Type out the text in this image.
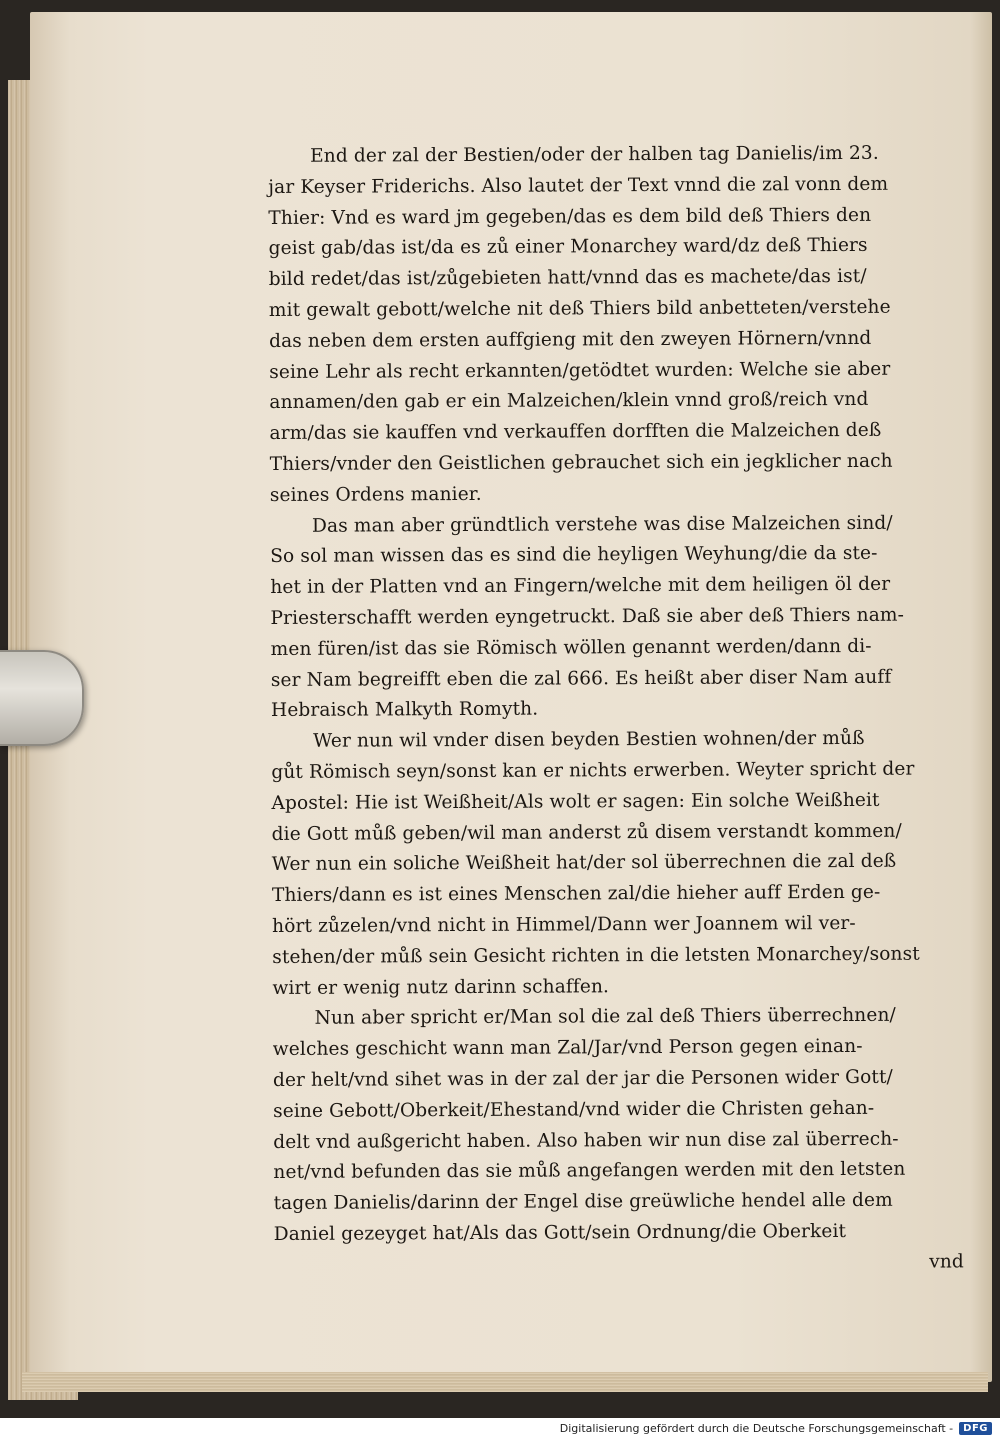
End der zal der Bestien/oder der halben tag Danielis/im 23.
jar Keyser Friderichs. Also lautet der Text vnnd die zal vonn dem
Thier: Vnd es ward jm gegeben/das es dem bild deß Thiers den
geist gab/das ist/da es zů einer Monarchey ward/dz deß Thiers
bild redet/das ist/zůgebieten hatt/vnnd das es machete/das ist/
mit gewalt gebott/welche nit deß Thiers bild anbetteten/verstehe
das neben dem ersten auffgieng mit den zweyen Hörnern/vnnd
seine Lehr als recht erkannten/getödtet wurden: Welche sie aber
annamen/den gab er ein Malzeichen/klein vnnd groß/reich vnd
arm/das sie kauffen vnd verkauffen dorfften die Malzeichen deß
Thiers/vnder den Geistlichen gebrauchet sich ein jegklicher nach
seines Ordens manier.
Das man aber gründtlich verstehe was dise Malzeichen sind/
So sol man wissen das es sind die heyligen Weyhung/die da ste-
het in der Platten vnd an Fingern/welche mit dem heiligen öl der
Priesterschafft werden eyngetruckt. Daß sie aber deß Thiers nam-
men füren/ist das sie Römisch wöllen genannt werden/dann di-
ser Nam begreifft eben die zal 666. Es heißt aber diser Nam auff
Hebraisch Malkyth Romyth.
Wer nun wil vnder disen beyden Bestien wohnen/der můß
gůt Römisch seyn/sonst kan er nichts erwerben. Weyter spricht der
Apostel: Hie ist Weißheit/Als wolt er sagen: Ein solche Weißheit
die Gott můß geben/wil man anderst zů disem verstandt kommen/
Wer nun ein soliche Weißheit hat/der sol überrechnen die zal deß
Thiers/dann es ist eines Menschen zal/die hieher auff Erden ge-
hört zůzelen/vnd nicht in Himmel/Dann wer Joannem wil ver-
stehen/der můß sein Gesicht richten in die letsten Monarchey/sonst
wirt er wenig nutz darinn schaffen.
Nun aber spricht er/Man sol die zal deß Thiers überrechnen/
welches geschicht wann man Zal/Jar/vnd Person gegen einan-
der helt/vnd sihet was in der zal der jar die Personen wider Gott/
seine Gebott/Oberkeit/Ehestand/vnd wider die Christen gehan-
delt vnd außgericht haben. Also haben wir nun dise zal überrech-
net/vnd befunden das sie můß angefangen werden mit den letsten
tagen Danielis/darinn der Engel dise greüwliche hendel alle dem
Daniel gezeyget hat/Als das Gott/sein Ordnung/die Oberkeit
vnd
Digitalisierung gefördert durch die Deutsche Forschungsgemeinschaft -	DFG
